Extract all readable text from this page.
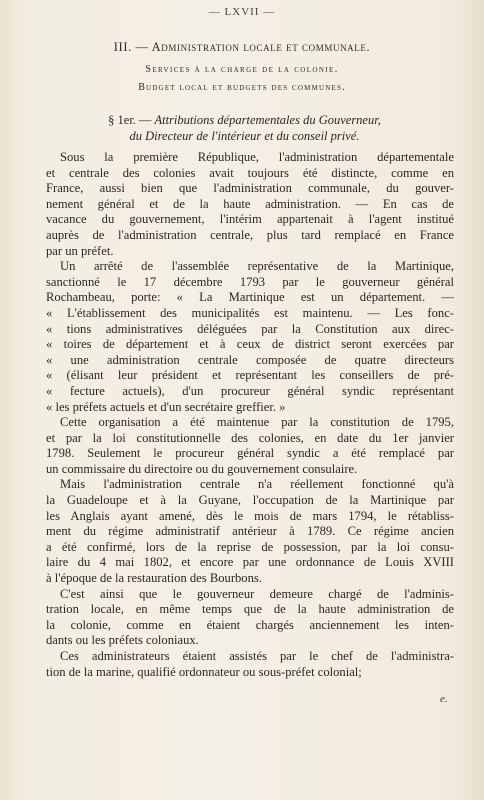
— LXVII —
III. — Administration locale et communale.
Services à la charge de la colonie.
Budget local et budgets des communes.
§ 1er. — Attributions départementales du Gouverneur,
du Directeur de l'intérieur et du conseil privé.

Sous la première République, l'administration départementale
et centrale des colonies avait toujours été distincte, comme en
France, aussi bien que l'administration communale, du gouver-
nement général et de la haute administration. — En cas de
vacance du gouvernement, l'intérim appartenait à l'agent institué
auprès de l'administration centrale, plus tard remplacé en France
par un préfet.

Un arrêté de l'assemblée représentative de la Martinique,
sanctionné le 17 décembre 1793 par le gouverneur général
Rochambeau, porte: « La Martinique est un département. —
« L'établissement des municipalités est maintenu. — Les fonc-
« tions administratives déléguées par la Constitution aux direc-
« toires de département et à ceux de district seront exercées par
« une administration centrale composée de quatre directeurs
« (élisant leur président et représentant les conseillers de pré-
« fecture actuels), d'un procureur général syndic représentant
« les préfets actuels et d'un secrétaire greffier. »

Cette organisation a été maintenue par la constitution de 1795,
et par la loi constitutionnelle des colonies, en date du 1er janvier
1798. Seulement le procureur général syndic a été remplacé par
un commissaire du directoire ou du gouvernement consulaire.

Mais l'administration centrale n'a réellement fonctionné qu'à
la Guadeloupe et à la Guyane, l'occupation de la Martinique par
les Anglais ayant amené, dès le mois de mars 1794, le rétabliss-
ment du régime administratif antérieur à 1789. Ce régime ancien
a été confirmé, lors de la reprise de possession, par la loi consu-
laire du 4 mai 1802, et encore par une ordonnance de Louis XVIII
à l'époque de la restauration des Bourbons.

C'est ainsi que le gouverneur demeure chargé de l'adminis-
tration locale, en même temps que de la haute administration de
la colonie, comme en étaient chargés anciennement les inten-
dants ou les préfets coloniaux.

Ces administrateurs étaient assistés par le chef de l'administra-
tion de la marine, qualifié ordonnateur ou sous-préfet colonial;

e.
